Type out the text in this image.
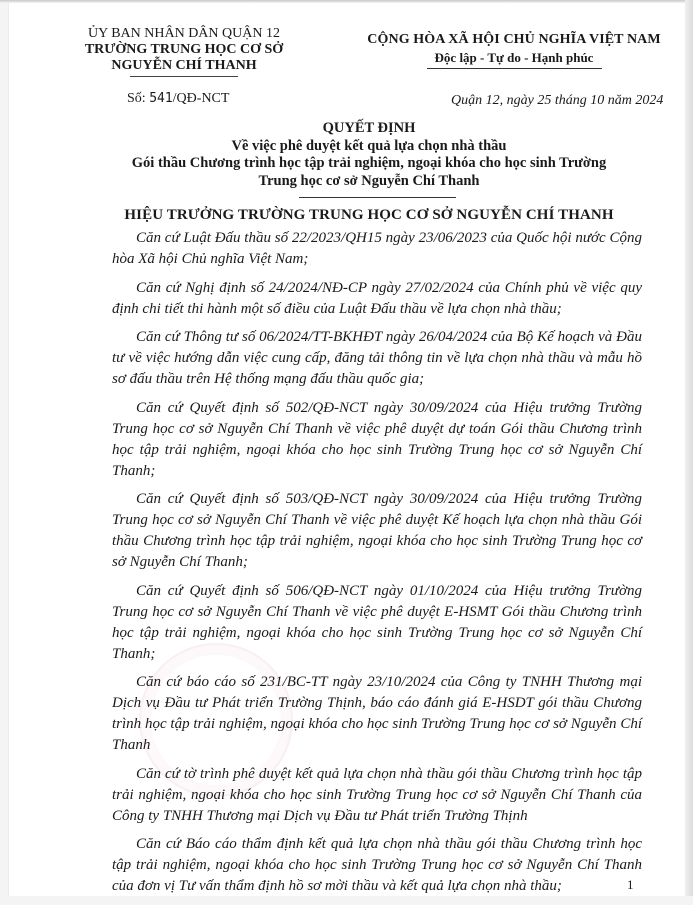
ỦY BAN NHÂN DÂN QUẬN 12
TRƯỜNG TRUNG HỌC CƠ SỞ
NGUYỄN CHÍ THANH
CỘNG HÒA XÃ HỘI CHỦ NGHĨA VIỆT NAM
Độc lập - Tự do - Hạnh phúc
Số: 541/QĐ-NCT	Quận 12, ngày 25 tháng 10 năm 2024
QUYẾT ĐỊNH
Về việc phê duyệt kết quả lựa chọn nhà thầu
Gói thầu Chương trình học tập trải nghiệm, ngoại khóa cho học sinh Trường
Trung học cơ sở Nguyễn Chí Thanh
HIỆU TRƯỞNG TRƯỜNG TRUNG HỌC CƠ SỞ NGUYỄN CHÍ THANH

Căn cứ Luật Đấu thầu số 22/2023/QH15 ngày 23/06/2023 của Quốc hội nước Cộng hòa Xã hội Chủ nghĩa Việt Nam;

Căn cứ Nghị định số 24/2024/NĐ-CP ngày 27/02/2024 của Chính phủ về việc quy định chi tiết thi hành một số điều của Luật Đấu thầu về lựa chọn nhà thầu;

Căn cứ Thông tư số 06/2024/TT-BKHĐT ngày 26/04/2024 của Bộ Kế hoạch và Đầu tư về việc hướng dẫn việc cung cấp, đăng tải thông tin về lựa chọn nhà thầu và mẫu hồ sơ đấu thầu trên Hệ thống mạng đấu thầu quốc gia;

Căn cứ Quyết định số 502/QĐ-NCT ngày 30/09/2024 của Hiệu trưởng Trường Trung học cơ sở Nguyễn Chí Thanh về việc phê duyệt dự toán Gói thầu Chương trình học tập trải nghiệm, ngoại khóa cho học sinh Trường Trung học cơ sở Nguyễn Chí Thanh;

Căn cứ Quyết định số 503/QĐ-NCT ngày 30/09/2024 của Hiệu trưởng Trường Trung học cơ sở Nguyễn Chí Thanh về việc phê duyệt Kế hoạch lựa chọn nhà thầu Gói thầu Chương trình học tập trải nghiệm, ngoại khóa cho học sinh Trường Trung học cơ sở Nguyễn Chí Thanh;

Căn cứ Quyết định số 506/QĐ-NCT ngày 01/10/2024 của Hiệu trưởng Trường Trung học cơ sở Nguyễn Chí Thanh về việc phê duyệt E-HSMT Gói thầu Chương trình học tập trải nghiệm, ngoại khóa cho học sinh Trường Trung học cơ sở Nguyễn Chí Thanh;

Căn cứ báo cáo số 231/BC-TT ngày 23/10/2024 của Công ty TNHH Thương mại Dịch vụ Đầu tư Phát triển Trường Thịnh, báo cáo đánh giá E-HSDT gói thầu Chương trình học tập trải nghiệm, ngoại khóa cho học sinh Trường Trung học cơ sở Nguyễn Chí Thanh

Căn cứ tờ trình phê duyệt kết quả lựa chọn nhà thầu gói thầu Chương trình học tập trải nghiệm, ngoại khóa cho học sinh Trường Trung học cơ sở Nguyễn Chí Thanh của Công ty TNHH Thương mại Dịch vụ Đầu tư Phát triển Trường Thịnh

Căn cứ Báo cáo thẩm định kết quả lựa chọn nhà thầu gói thầu Chương trình học tập trải nghiệm, ngoại khóa cho học sinh Trường Trung học cơ sở Nguyễn Chí Thanh của đơn vị Tư vấn thẩm định hồ sơ mời thầu và kết quả lựa chọn nhà thầu;	1
